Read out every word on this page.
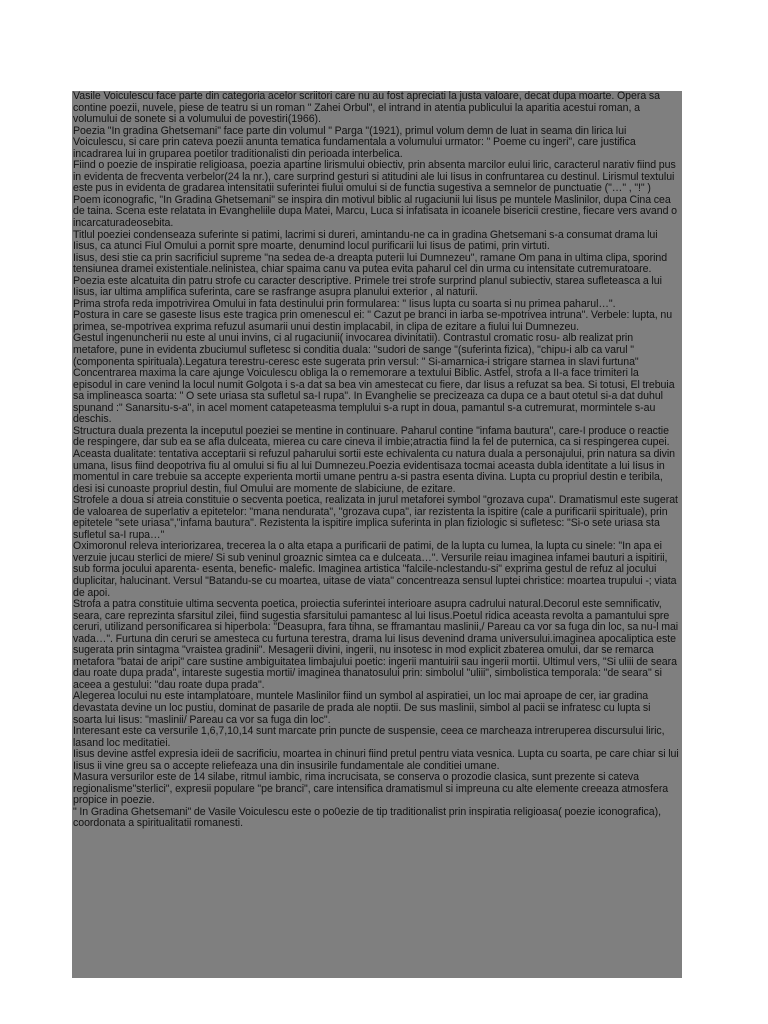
Vasile Voiculescu face parte din categoria acelor scriitori care nu au fost apreciati la justa valoare, decat dupa moarte. Opera sa contine poezii, nuvele, piese de teatru si un roman " Zahei Orbul", el intrand in atentia publicului la aparitia acestui roman, a volumului de sonete si a volumului de povestiri(1966).

Poezia "In gradina Ghetsemani" face parte din volumul " Parga "(1921), primul volum demn de luat in seama din lirica lui Voiculescu, si care prin cateva poezii anunta tematica fundamentala a volumului urmator: " Poeme cu ingeri", care justifica incadrarea lui in gruparea poetilor traditionalisti din perioada interbelica.

Fiind o poezie de inspiratie religioasa, poezia apartine lirismului obiectiv, prin absenta marcilor eului liric, caracterul narativ fiind pus in evidenta de frecventa verbelor(24 la nr.), care surprind gesturi si atitudini ale lui Iisus in confruntarea cu destinul. Lirismul textului este pus in evidenta de gradarea intensitatii suferintei fiului omului si de functia sugestiva a semnelor de punctuatie ("…" , "!" )

Poem iconografic, "In Gradina Ghetsemani" se inspira din motivul biblic al rugaciunii lui Iisus pe muntele Maslinilor, dupa Cina cea de taina. Scena este relatata in Evangheliile dupa Matei, Marcu, Luca si infatisata in icoanele bisericii crestine, fiecare vers avand o incarcaturadeosebita.

Titlul poeziei condenseaza suferinte si patimi, lacrimi si dureri, amintandu-ne ca in gradina Ghetsemani s-a consumat drama lui Iisus, ca atunci Fiul Omului a pornit spre moarte, denumind locul purificarii lui Iisus de patimi, prin virtuti.

Iisus, desi stie ca prin sacrificiul supreme "na sedea de-a dreapta puterii lui Dumnezeu", ramane Om pana in ultima clipa, sporind tensiunea dramei existentiale.nelinistea, chiar spaima canu va putea evita paharul cel din urma cu intensitate cutremuratoare.

Poezia este alcatuita din patru strofe cu caracter descriptive. Primele trei strofe surprind planul subiectiv, starea sufleteasca a lui Iisus, iar ultima amplifica suferinta, care se rasfrange asupra planului exterior , al naturii.

Prima strofa reda impotrivirea Omului in fata destinului prin formularea: " Iisus lupta cu soarta si nu primea paharul…".

Postura in care se gaseste Iisus este tragica prin omenescul ei: " Cazut pe branci in iarba se-mpotrivea intruna". Verbele: lupta, nu primea, se-mpotrivea exprima refuzul asumarii unui destin implacabil, in clipa de ezitare a fiului lui Dumnezeu.

Gestul ingenuncherii nu este al unui invins, ci al rugaciunii( invocarea divinitatii). Contrastul cromatic rosu- alb realizat prin metafore, pune in evidenta zbuciumul sufletesc si conditia duala: "sudori de sange "(suferinta fizica), "chipu-i alb ca varul "(componenta spirituala).Legatura terestru-ceresc este sugerata prin versul: " Si-amarnica-i strigare starnea in slavi furtuna"

Concentrarea maxima la care ajunge Voiculescu obliga la o rememorare a textului Biblic. Astfel, strofa a II-a face trimiteri la episodul in care venind la locul numit Golgota i s-a dat sa bea vin amestecat cu fiere, dar Iisus a refuzat sa bea. Si totusi, El trebuia sa implineasca soarta: " O sete uriasa sta sufletul sa-I rupa". In Evanghelie se precizeaza ca dupa ce a baut otetul si-a dat duhul spunand :" Sanarsitu-s-a", in acel moment catapeteasma templului s-a rupt in doua, pamantul s-a cutremurat, mormintele s-au deschis.

Structura duala prezenta la inceputul poeziei se mentine in continuare. Paharul contine "infama bautura", care-I produce o reactie de respingere, dar sub ea se afla dulceata, mierea cu care cineva il imbie;atractia fiind la fel de puternica, ca si respingerea cupei. Aceasta dualitate: tentativa acceptarii si refuzul paharului sortii este echivalenta cu natura duala a personajului, prin natura sa divin umana, Iisus fiind deopotriva fiu al omului si fiu al lui Dumnezeu.Poezia evidentisaza tocmai aceasta dubla identitate a lui Iisus in momentul in care trebuie sa accepte experienta mortii umane pentru a-si pastra esenta divina. Lupta cu propriul destin e teribila, desi isi cunoaste propriul destin, fiul Omului are momente de slabiciune, de ezitare.

Strofele a doua si atreia constituie o secventa poetica, realizata in jurul metaforei symbol "grozava cupa". Dramatismul este sugerat de valoarea de superlativ a epitetelor: "mana nendurata", "grozava cupa", iar rezistenta la ispitire (cale a purificarii spirituale), prin epitetele "sete uriasa","infama bautura". Rezistenta la ispitire implica suferinta in plan fiziologic si sufletesc: "Si-o sete uriasa sta sufletul sa-I rupa…"

Oximoronul releva interiorizarea, trecerea la o alta etapa a purificarii de patimi, de la lupta cu lumea, la lupta cu sinele: "In apa ei verzuie jucau sterlici de miere/ Si sub veninul groaznic simtea ca e dulceata…". Versurile reiau imaginea infamei bauturi a ispitirii, sub forma jocului aparenta- esenta, benefic- malefic. Imaginea artistica "falcile-nclestandu-si" exprima gestul de refuz al jocului duplicitar, halucinant. Versul "Batandu-se cu moartea, uitase de viata" concentreaza sensul luptei christice: moartea trupului -; viata de apoi.

Strofa a patra constituie ultima secventa poetica, proiectia suferintei interioare asupra cadrului natural.Decorul este semnificativ, seara, care reprezinta sfarsitul zilei, fiind sugestia sfarsitului pamantesc al lui Iisus.Poetul ridica aceasta revolta a pamantului spre ceruri, utilizand personificarea si hiperbola: "Deasupra, fara tihna, se fframantau maslinii,/ Pareau ca vor sa fuga din loc, sa nu-l mai vada…". Furtuna din ceruri se amesteca cu furtuna terestra, drama lui Iisus devenind drama universului.imaginea apocaliptica este sugerata prin sintagma "vraistea gradinii". Mesagerii divini, ingerii, nu insotesc in mod explicit zbaterea omului, dar se remarca metafora "batai de aripi" care sustine ambiguitatea limbajului poetic: ingerii mantuirii sau ingerii mortii. Ultimul vers, "Si uliii de seara dau roate dupa prada", intareste sugestia mortii/ imaginea thanatosului prin: simbolul "uliii", simbolistica temporala: "de seara" si aceea a gestului: "dau roate dupa prada".

Alegerea locului nu este intamplatoare, muntele Maslinilor fiind un symbol al aspiratiei, un loc mai aproape de cer, iar gradina devastata devine un loc pustiu, dominat de pasarile de prada ale noptii. De sus maslinii, simbol al pacii se infratesc cu lupta si soarta lui Iisus: "maslinii/ Pareau ca vor sa fuga din loc".

Interesant este ca versurile 1,6,7,10,14 sunt marcate prin puncte de suspensie, ceea ce marcheaza intreruperea discursului liric, lasand loc meditatiei.

Iisus devine astfel expresia ideii de sacrificiu, moartea in chinuri fiind pretul pentru viata vesnica. Lupta cu soarta, pe care chiar si lui Iisus ii vine greu sa o accepte reliefeaza una din insusirile fundamentale ale conditiei umane.

Masura versurilor este de 14 silabe, ritmul iambic, rima incrucisata, se conserva o prozodie clasica, sunt prezente si cateva regionalisme"sterlici", expresii populare "pe branci", care intensifica dramatismul si impreuna cu alte elemente creeaza atmosfera propice in poezie.

" In Gradina Ghetsemani" de Vasile Voiculescu este o po0ezie de tip traditionalist prin inspiratia religioasa( poezie iconografica), coordonata a spiritualitatii romanesti.
